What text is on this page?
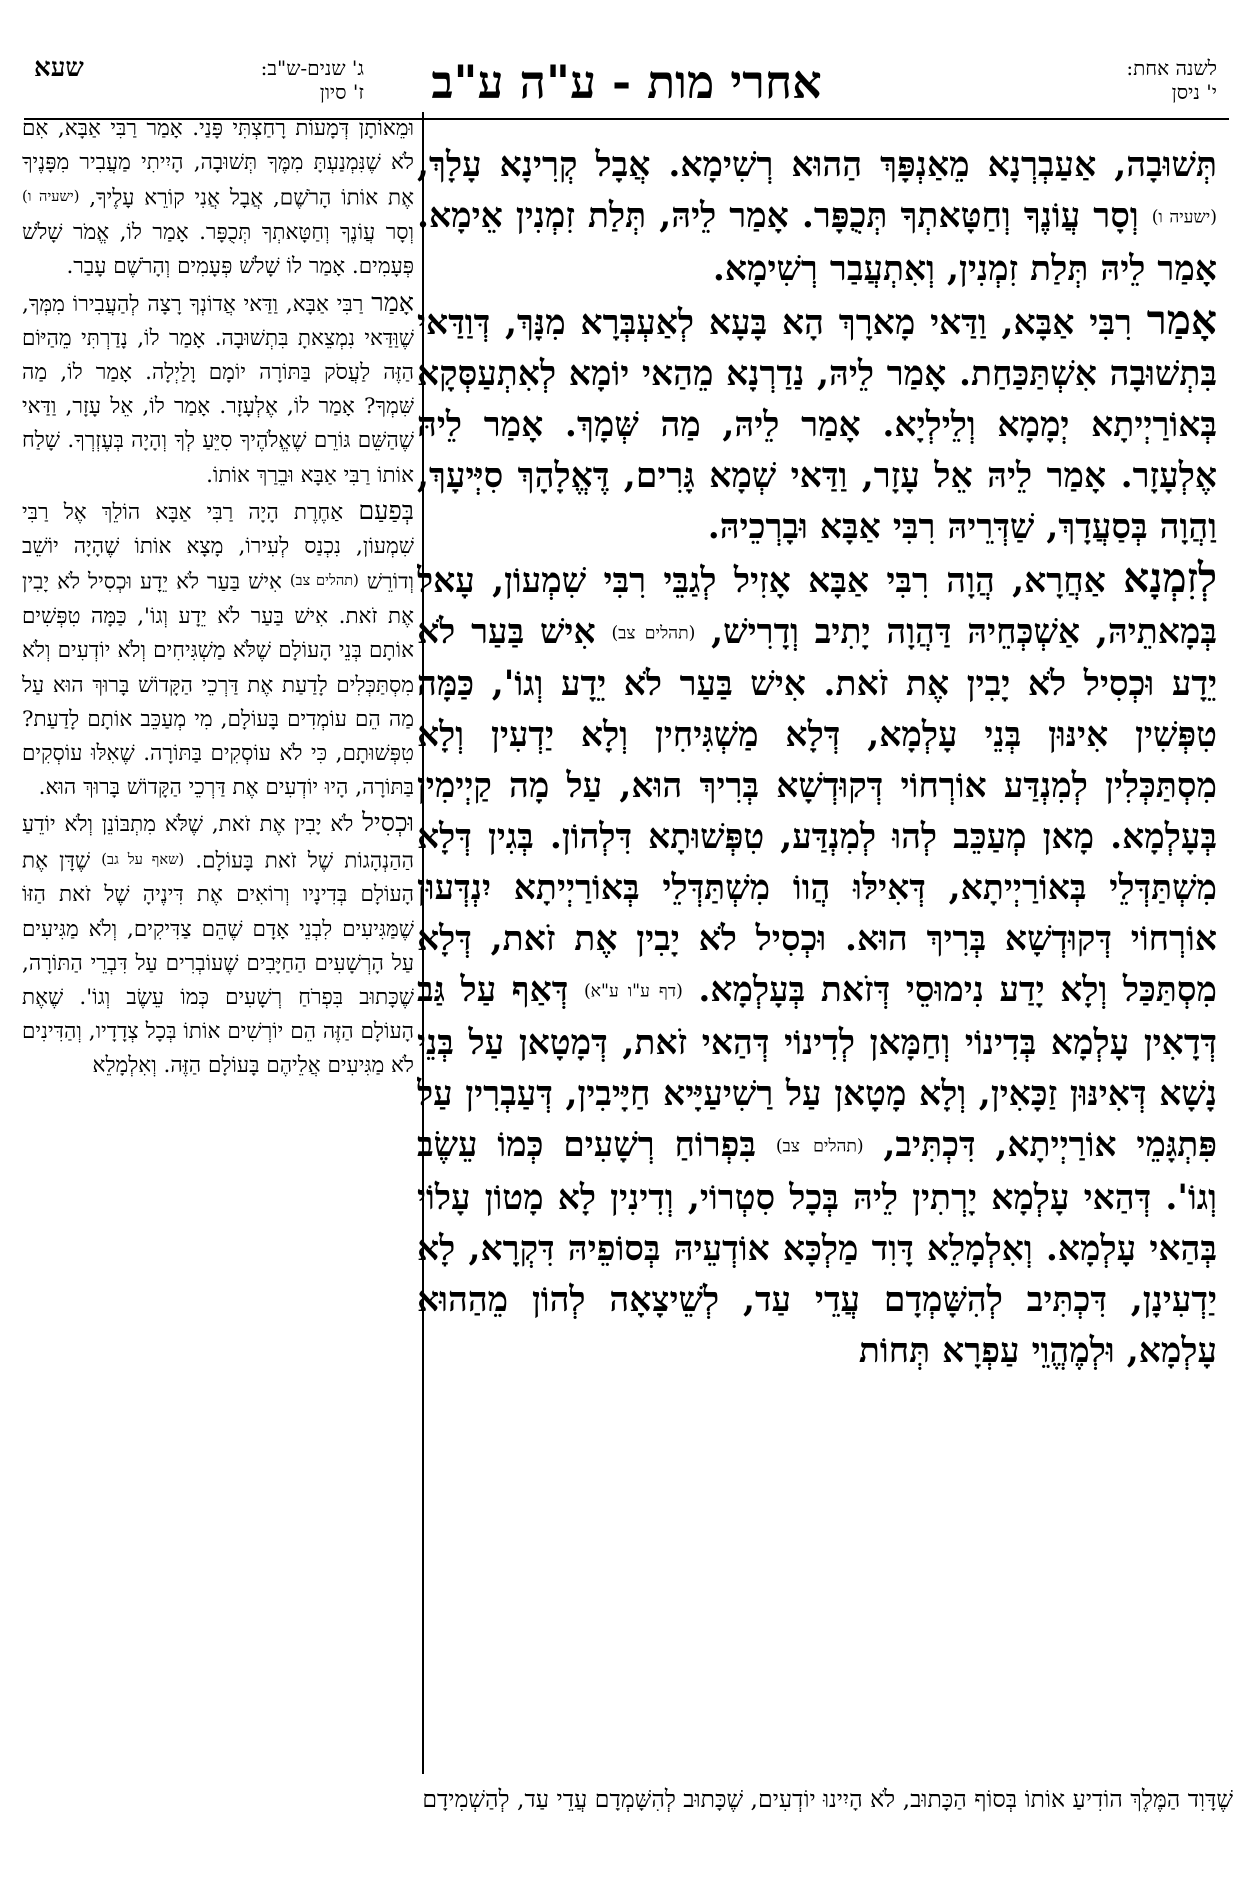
לשנה אחת:
י' ניסן
אחרי מות - ע"ה ע"ב
שעא	ג' שנים-ש"ב:
ז' סיון

תְּשׁוּבָה, אַעַבְרְנָא מֵאַנְפָּךְ הַהוּא רְשִׁימָא. אֲבָל קְרִינָא עָלָךְ, (ישעיה ו) וְסָר עֲוֹנֶךָ וְחַטָּאתְךָ תְּכֻפָּר. אָמַר לֵיהּ, תְּלַת זִמְנִין אֵימָא. אָמַר לֵיהּ תְּלַת זִמְנִין, וְאִתְעֲבַר רְשִׁימָא.

אָמַר רִבִּי אַבָּא, וַדַּאי מָארָךְ הָא בָּעָא לְאַעְבְּרָא מִנָּךְ, דְּוַדַּאי בִּתְשׁוּבָה אִשְׁתַּכַּחַת. אָמַר לֵיהּ, נַדַרְנָא מֵהַאי יוֹמָא לְאִתְעַסְּקָא בְּאוֹרַיְיתָא יְמָמָא וְלֵילְיָא. אָמַר לֵיהּ, מַה שְּׁמָךְ. אָמַר לֵיהּ אֶלְעָזָר. אָמַר לֵיהּ אֵל עָזָר, וַדַּאי שְׁמָא גָּרִים, דֶּאֱלָהָךְ סִיְּיעָךְ, וַהֲוָה בְּסַעֲדָךְ, שַׁדְּרֵיהּ רִבִּי אַבָּא וּבָרְכֵיהּ.

לְזִמְנָא אַחֲרָא, הֲוָה רִבִּי אַבָּא אָזִיל לְגַבֵּי רִבִּי שִׁמְעוֹן, עָאל בְּמָאתֵיהּ, אַשְׁכְּחֵיהּ דַּהֲוָה יָתִיב וְדָרִישׁ, (תהלים צב) אִישׁ בַּעַר לֹא יֵדָע וּכְסִיל לֹא יָבִין אֶת זֹאת. אִישׁ בַּעַר לֹא יֵדָע וְגוֹ', כַּמָּה טִפְּשִׁין אִינּוּן בְּנֵי עָלְמָא, דְּלָא מַשְׁגִּיחִין וְלָא יַדְעִין וְלָא מִסְתַּכְּלִין לְמִנְדַּע אוֹרְחוֹי דְּקוּדְשָׁא בְּרִיךְ הוּא, עַל מָה קַיְימִין בְּעָלְמָא. מָאן מְעַכֵּב לְהוּ לְמִנְדַּע, טִפְּשׁוּתָא דִּלְהוֹן. בְּגִין דְּלָא מִשְׁתַּדְּלֵי בְּאוֹרַיְיתָא, דְּאִילּוּ הֲווֹ מִשְׁתַּדְּלֵי בְּאוֹרַיְיתָא יִנְדְּעוּן אוֹרְחוֹי דְּקוּדְשָׁא בְּרִיךְ הוּא. וּכְסִיל לֹא יָבִין אֶת זֹאת, דְּלָא מִסְתַּכַּל וְלָא יָדַע נִימוּסֵי דְּזֹאת בְּעָלְמָא. (דף ע"ו ע"א) דְּאַף עַל גַּב דְּדָאִין עָלְמָא בְּדִינוֹי וְחַמָּאן לְדִינוֹי דְּהַאי זֹאת, דְּמָטָאן עַל בְּנֵי נָשָׁא דְּאִינּוּן זַכָּאִין, וְלָא מָטָאן עַל רַשִׁיעַיָּיא חַיָּיבִין, דְּעַבְרִין עַל פִּתְגָּמֵי אוֹרַיְיתָא, דִּכְתִּיב, (תהלים צב) בִּפְרוֹחַ רְשָׁעִים כְּמוֹ עֵשֶׂב וְגוֹ'. דְּהַאי עָלְמָא יָרְתִין לֵיהּ בְּכָל סִטְרוֹי, וְדִינִין לָא מָטוֹן עָלוֹי בְּהַאי עָלְמָא. וְאִלְמָלֵא דָּוִד מַלְכָּא אוֹדְעֵיהּ בְּסוֹפֵיהּ דִּקְרָא, לָא יַדְעִינָן, דִּכְתִּיב לְהִשָּׁמְדָם עֲדֵי עַד, לְשֵׁיצָאָה לְהוֹן מֵהַהוּא עָלְמָא, וּלְמֶהֱוֵי עַפְרָא תְּחוֹת

וּמֵאוֹתָן דְּמָעוֹת רָחַצְתִּי פָּנַי. אָמַר רַבִּי אַבָּא, אִם לֹא שֶׁנִּמְנַעְתָּ מִמֶּךָ תְּשׁוּבָה, הָיִיתִי מַעֲבִיר מִפָּנֶיךָ אֶת אוֹתוֹ הָרֹשֶׁם, אֲבָל אֲנִי קוֹרֵא עָלֶיךָ, (ישעיה ו) וְסָר עֲוֹנֶךָ וְחַטָּאתְךָ תְּכֻפָּר. אָמַר לוֹ, אֱמֹר שָׁלֹשׁ פְּעָמִים. אָמַר לוֹ שָׁלֹשׁ פְּעָמִים וְהָרֹשֶׁם עָבַר.

אָמַר רַבִּי אַבָּא, וַדַּאי אֲדוֹנְךָ רָצָה לְהַעֲבִירוֹ מִמְּךָ, שֶׁוַּדַּאי נִמְצֵאתָ בִּתְשׁוּבָה. אָמַר לוֹ, נָדַרְתִּי מֵהַיּוֹם הַזֶּה לַעֲסֹק בַּתּוֹרָה יוֹמָם וָלַיְלָה. אָמַר לוֹ, מַה שִּׁמְךָ? אָמַר לוֹ, אֶלְעָזָר. אָמַר לוֹ, אֵל עָזָר, וַדַּאי שֶׁהַשֵּׁם גּוֹרֵם שֶׁאֱלֹהֶיךָ סִיֵּעַ לְךָ וְהָיָה בְּעֶזְרְךָ. שָׁלַח אוֹתוֹ רַבִּי אַבָּא וּבֵרַךְ אוֹתוֹ.

בְּפַעַם אַחֶרֶת הָיָה רַבִּי אַבָּא הוֹלֵךְ אֶל רַבִּי שִׁמְעוֹן, נִכְנַס לְעִירוֹ, מָצָא אוֹתוֹ שֶׁהָיָה יוֹשֵׁב וְדוֹרֵשׁ (תהלים צב) אִישׁ בַּעַר לֹא יֵדָע וּכְסִיל לֹא יָבִין אֶת זֹאת. אִישׁ בַּעַר לֹא יֵדָע וְגוֹ', כַּמָּה טִפְּשִׁים אוֹתָם בְּנֵי הָעוֹלָם שֶׁלֹּא מַשְׁגִּיחִים וְלֹא יוֹדְעִים וְלֹא מִסְתַּכְּלִים לָדַעַת אֶת דַּרְכֵי הַקָּדוֹשׁ בָּרוּךְ הוּא עַל מַה הֵם עוֹמְדִים בָּעוֹלָם, מִי מְעַכֵּב אוֹתָם לָדַעַת? טִפְּשׁוּתָם, כִּי לֹא עוֹסְקִים בַּתּוֹרָה. שֶׁאִלּוּ עוֹסְקִים בַּתּוֹרָה, הָיוּ יוֹדְעִים אֶת דַּרְכֵי הַקָּדוֹשׁ בָּרוּךְ הוּא.

וּכְסִיל לֹא יָבִין אֶת זֹאת, שֶׁלֹּא מִתְבּוֹנֵן וְלֹא יוֹדֵעַ הַהַנְהָגוֹת שֶׁל זֹאת בָּעוֹלָם. (שאף על גב) שֶׁדָּן אֶת הָעוֹלָם בְּדִינָיו וְרוֹאִים אֶת דִּינֶיהָ שֶׁל זֹאת הַזּוֹ שֶׁמַּגִּיעִים לִבְנֵי אָדָם שֶׁהֵם צַדִּיקִים, וְלֹא מַגִּיעִים עַל הָרְשָׁעִים הַחַיָּבִים שֶׁעוֹבְרִים עַל דִּבְרֵי הַתּוֹרָה, שֶׁכָּתוּב בִּפְרֹחַ רְשָׁעִים כְּמוֹ עֵשֶׂב וְגוֹ'. שֶׁאֶת הָעוֹלָם הַזֶּה הֵם יוֹרְשִׁים אוֹתוֹ בְּכָל צְדָדָיו, וְהַדִּינִים לֹא מַגִּיעִים אֲלֵיהֶם בָּעוֹלָם הַזֶּה. וְאִלְמָלֵא

שֶׁדָּוִד הַמֶּלֶךְ הוֹדִיעַ אוֹתוֹ בְּסוֹף הַכָּתוּב, לֹא הָיִינוּ יוֹדְעִים, שֶׁכָּתוּב לְהִשָּׁמְדָם עֲדֵי עַד, לְהַשְׁמִידָם
